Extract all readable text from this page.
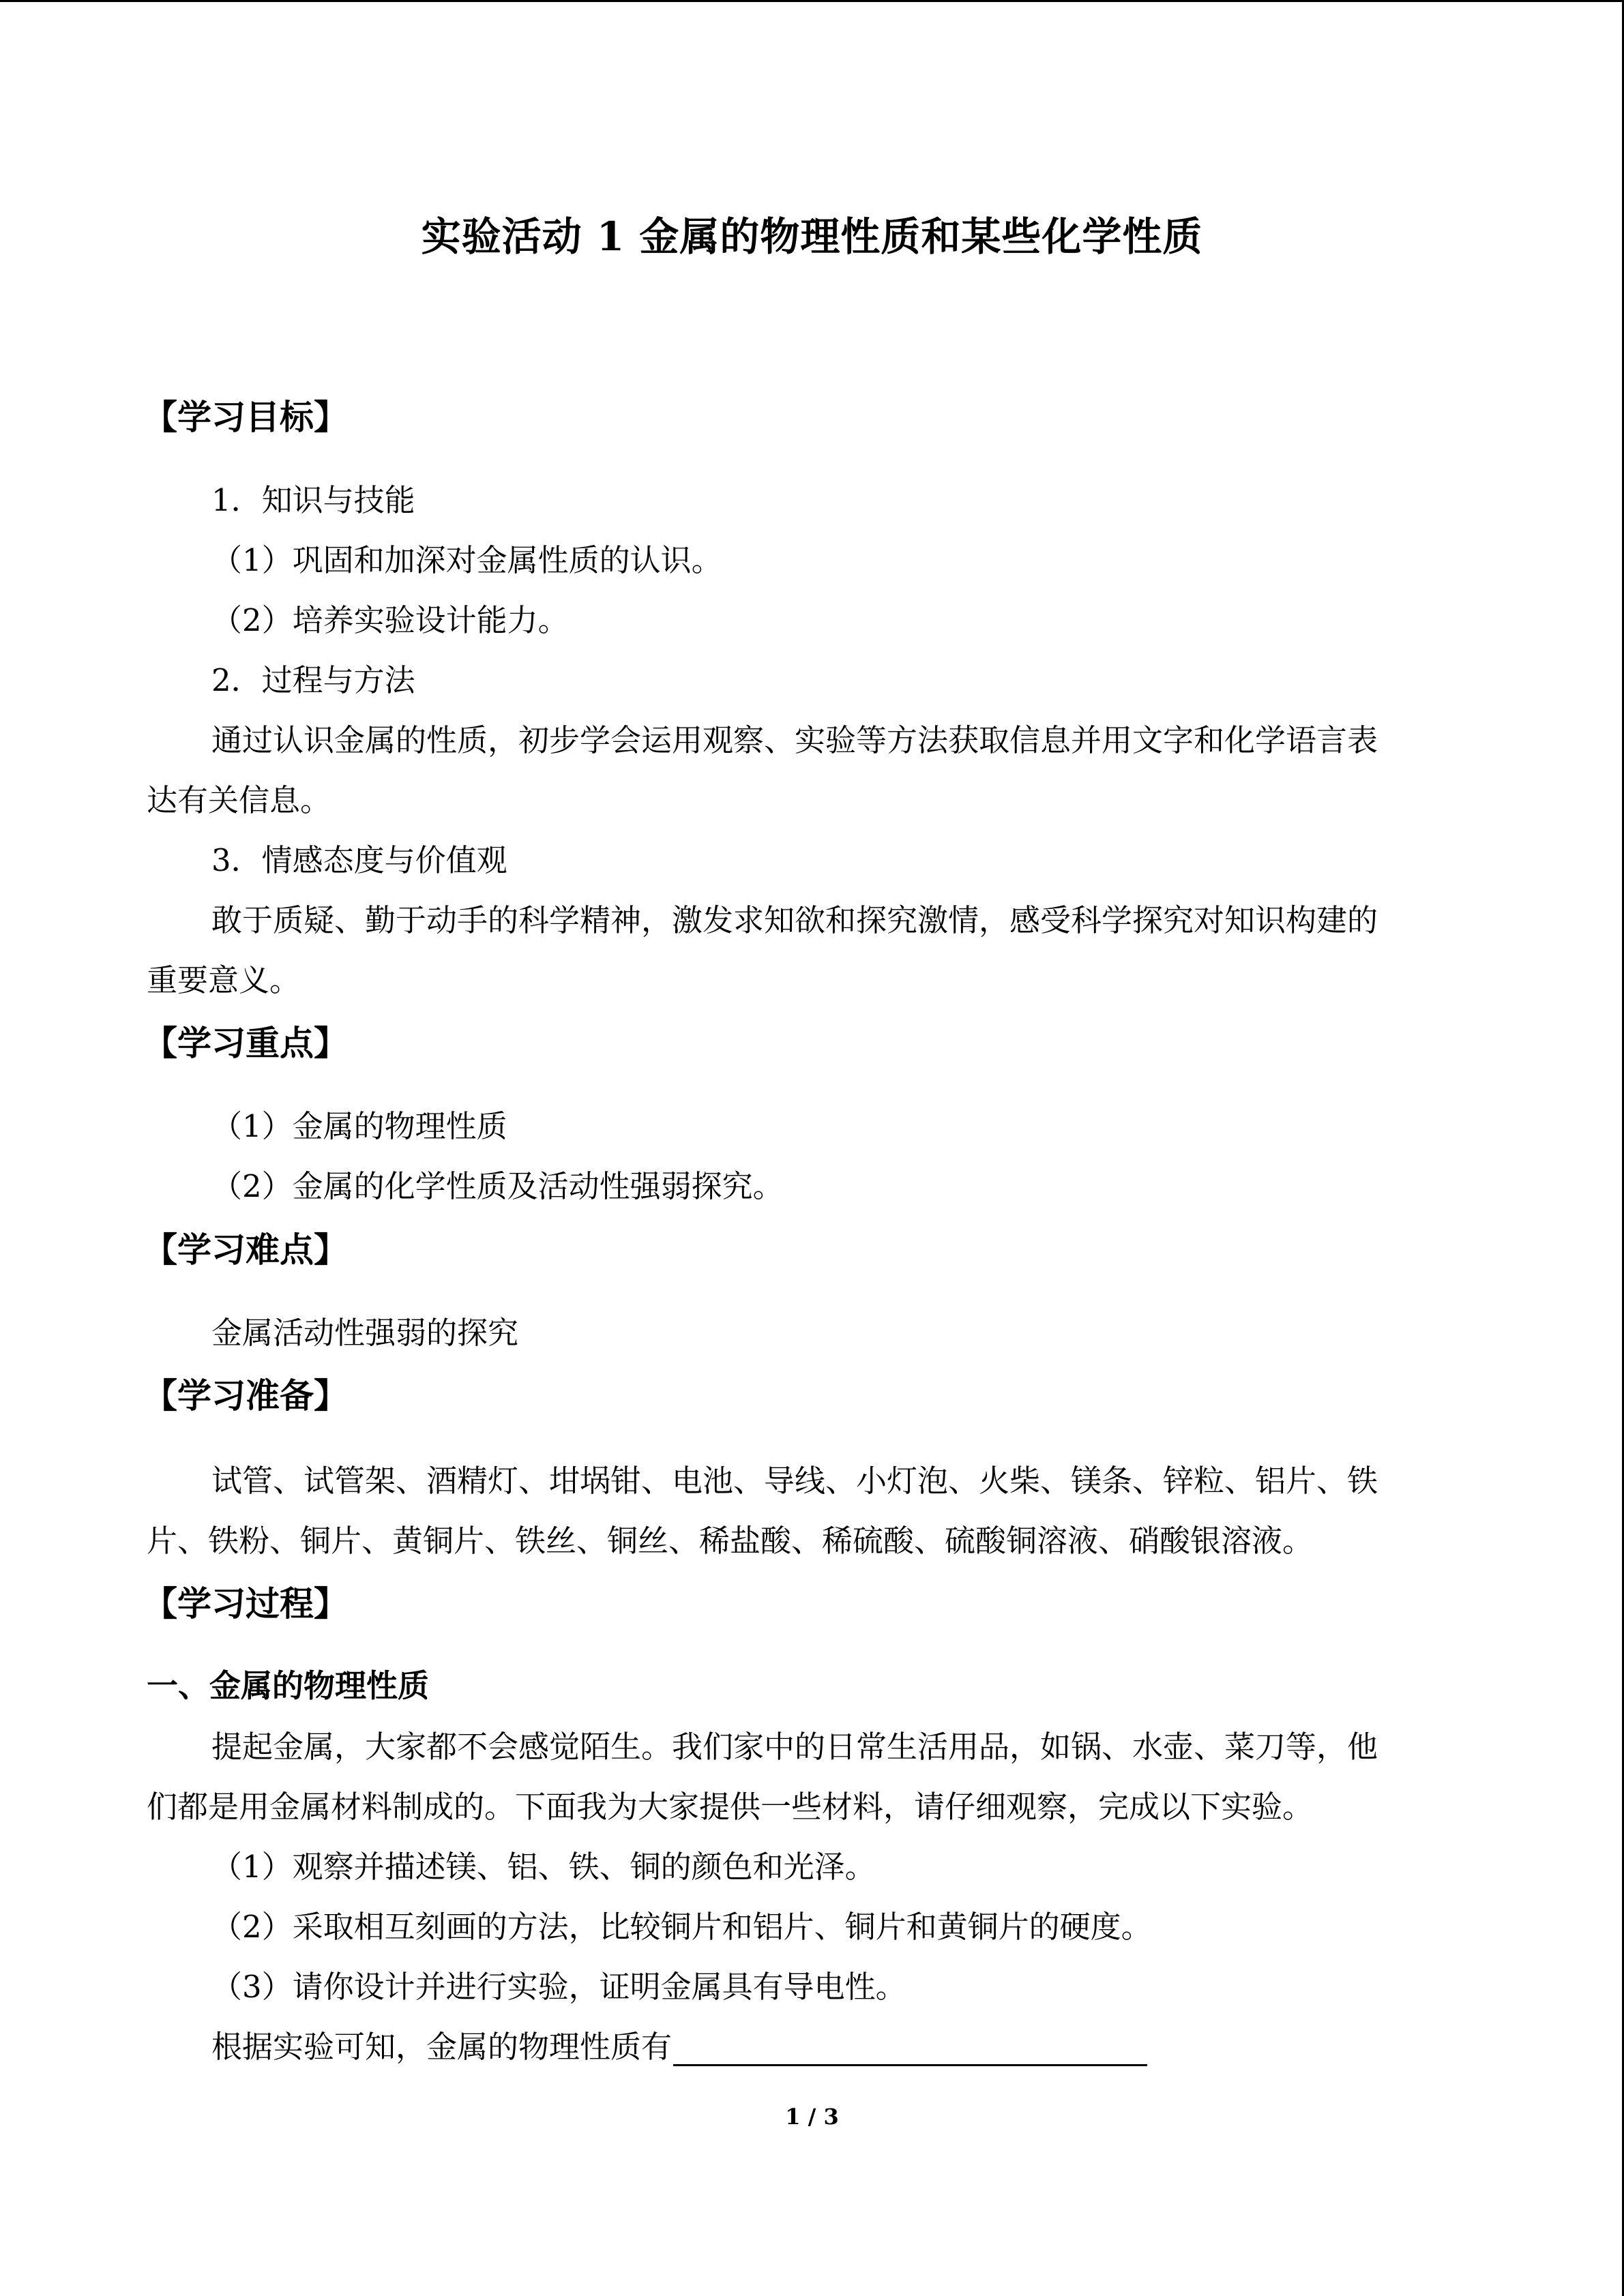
实验活动 1 金属的物理性质和某些化学性质
【学习目标】
1．知识与技能
（1）巩固和加深对金属性质的认识。
（2）培养实验设计能力。
2．过程与方法
通过认识金属的性质，初步学会运用观察、实验等方法获取信息并用文字和化学语言表
达有关信息。
3．情感态度与价值观
敢于质疑、勤于动手的科学精神，激发求知欲和探究激情，感受科学探究对知识构建的
重要意义。
【学习重点】
（1）金属的物理性质
（2）金属的化学性质及活动性强弱探究。
【学习难点】
金属活动性强弱的探究
【学习准备】
试管、试管架、酒精灯、坩埚钳、电池、导线、小灯泡、火柴、镁条、锌粒、铝片、铁
片、铁粉、铜片、黄铜片、铁丝、铜丝、稀盐酸、稀硫酸、硫酸铜溶液、硝酸银溶液。
【学习过程】
一、金属的物理性质
提起金属，大家都不会感觉陌生。我们家中的日常生活用品，如锅、水壶、菜刀等，他
们都是用金属材料制成的。下面我为大家提供一些材料，请仔细观察，完成以下实验。
（1）观察并描述镁、铝、铁、铜的颜色和光泽。
（2）采取相互刻画的方法，比较铜片和铝片、铜片和黄铜片的硬度。
（3）请你设计并进行实验，证明金属具有导电性。
根据实验可知，金属的物理性质有
1 / 3
